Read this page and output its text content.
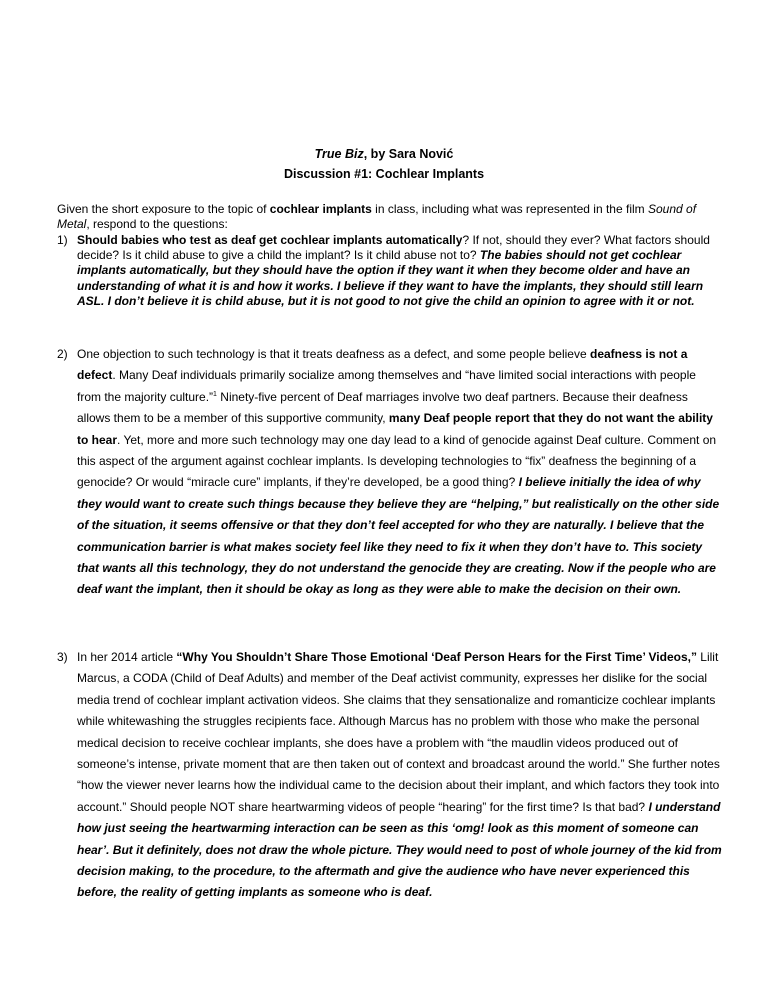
True Biz, by Sara Nović
Discussion #1: Cochlear Implants
Given the short exposure to the topic of cochlear implants in class, including what was represented in the film Sound of Metal, respond to the questions:
1) Should babies who test as deaf get cochlear implants automatically? If not, should they ever? What factors should decide? Is it child abuse to give a child the implant? Is it child abuse not to? The babies should not get cochlear implants automatically, but they should have the option if they want it when they become older and have an understanding of what it is and how it works. I believe if they want to have the implants, they should still learn ASL. I don’t believe it is child abuse, but it is not good to not give the child an opinion to agree with it or not.
2) One objection to such technology is that it treats deafness as a defect, and some people believe deafness is not a defect. Many Deaf individuals primarily socialize among themselves and “have limited social interactions with people from the majority culture.”$^1$ Ninety-five percent of Deaf marriages involve two deaf partners. Because their deafness allows them to be a member of this supportive community, many Deaf people report that they do not want the ability to hear. Yet, more and more such technology may one day lead to a kind of genocide against Deaf culture. Comment on this aspect of the argument against cochlear implants. Is developing technologies to “fix” deafness the beginning of a genocide? Or would “miracle cure” implants, if they’re developed, be a good thing? I believe initially the idea of why they would want to create such things because they believe they are “helping,” but realistically on the other side of the situation, it seems offensive or that they don’t feel accepted for who they are naturally. I believe that the communication barrier is what makes society feel like they need to fix it when they don’t have to. This society that wants all this technology, they do not understand the genocide they are creating. Now if the people who are deaf want the implant, then it should be okay as long as they were able to make the decision on their own.
3) In her 2014 article “Why You Shouldn’t Share Those Emotional ‘Deaf Person Hears for the First Time’ Videos,” Lilit Marcus, a CODA (Child of Deaf Adults) and member of the Deaf activist community, expresses her dislike for the social media trend of cochlear implant activation videos. She claims that they sensationalize and romanticize cochlear implants while whitewashing the struggles recipients face. Although Marcus has no problem with those who make the personal medical decision to receive cochlear implants, she does have a problem with “the maudlin videos produced out of someone’s intense, private moment that are then taken out of context and broadcast around the world.” She further notes “how the viewer never learns how the individual came to the decision about their implant, and which factors they took into account.” Should people NOT share heartwarming videos of people “hearing” for the first time? Is that bad? I understand how just seeing the heartwarming interaction can be seen as this ‘omg! look as this moment of someone can hear’. But it definitely, does not draw the whole picture. They would need to post of whole journey of the kid from decision making, to the procedure, to the aftermath and give the audience who have never experienced this before, the reality of getting implants as someone who is deaf.
